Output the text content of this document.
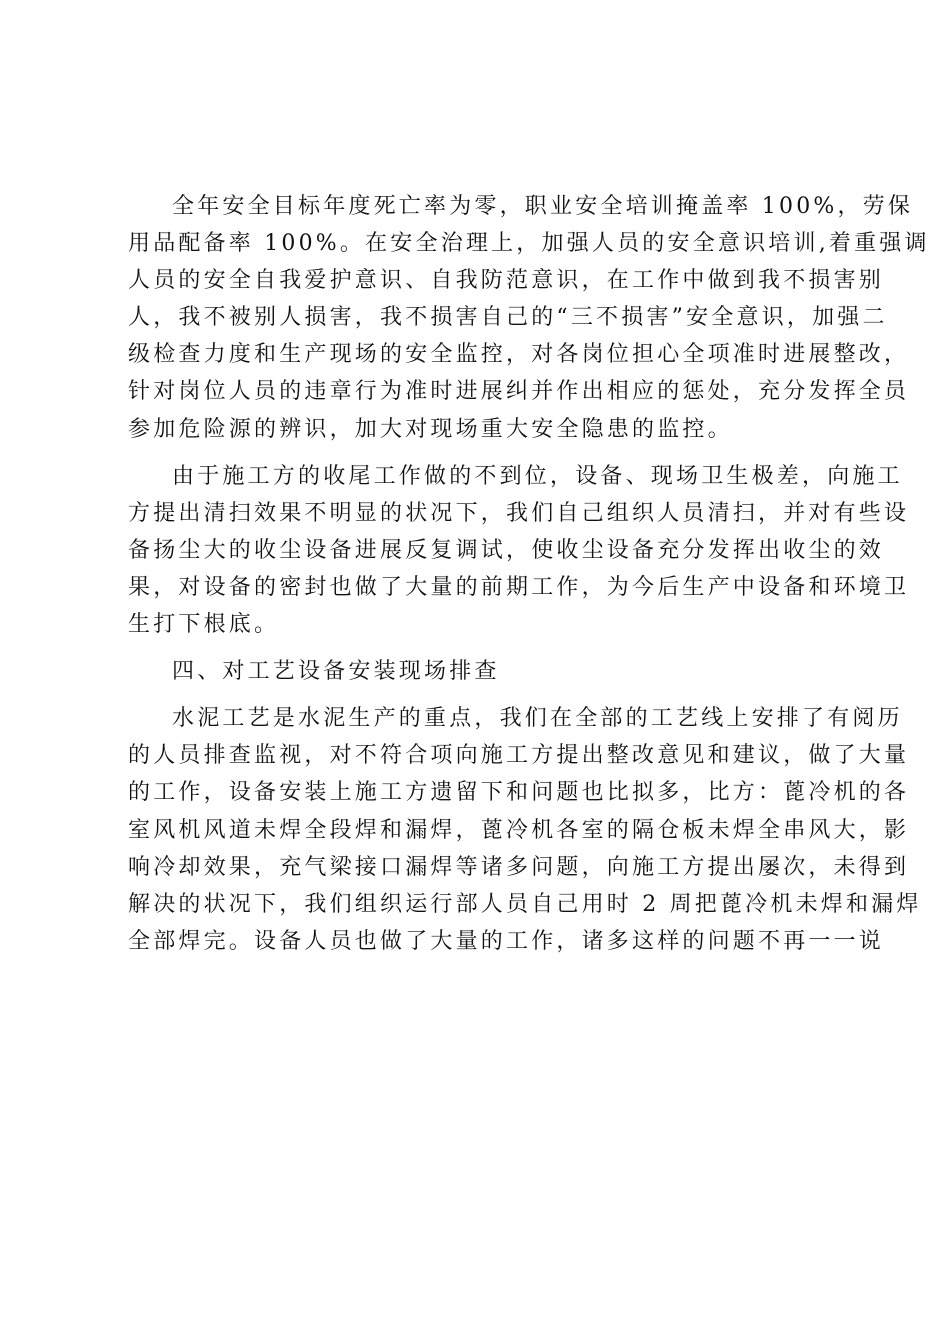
全年安全目标年度死亡率为零，职业安全培训掩盖率 100%，劳保
用品配备率 100%。在安全治理上，加强人员的安全意识培训,着重强调
人员的安全自我爱护意识、自我防范意识，在工作中做到我不损害别
人，我不被别人损害，我不损害自己的“三不损害”安全意识，加强二
级检查力度和生产现场的安全监控，对各岗位担心全项准时进展整改，
针对岗位人员的违章行为准时进展纠并作出相应的惩处，充分发挥全员
参加危险源的辨识，加大对现场重大安全隐患的监控。
由于施工方的收尾工作做的不到位，设备、现场卫生极差，向施工
方提出清扫效果不明显的状况下，我们自己组织人员清扫，并对有些设
备扬尘大的收尘设备进展反复调试，使收尘设备充分发挥出收尘的效
果，对设备的密封也做了大量的前期工作，为今后生产中设备和环境卫
生打下根底。
四、对工艺设备安装现场排查
水泥工艺是水泥生产的重点，我们在全部的工艺线上安排了有阅历
的人员排查监视，对不符合项向施工方提出整改意见和建议，做了大量
的工作，设备安装上施工方遗留下和问题也比拟多，比方：蓖冷机的各
室风机风道未焊全段焊和漏焊，蓖冷机各室的隔仓板未焊全串风大，影
响冷却效果，充气梁接口漏焊等诸多问题，向施工方提出屡次，未得到
解决的状况下，我们组织运行部人员自己用时 2 周把蓖冷机未焊和漏焊
全部焊完。设备人员也做了大量的工作，诸多这样的问题不再一一说
